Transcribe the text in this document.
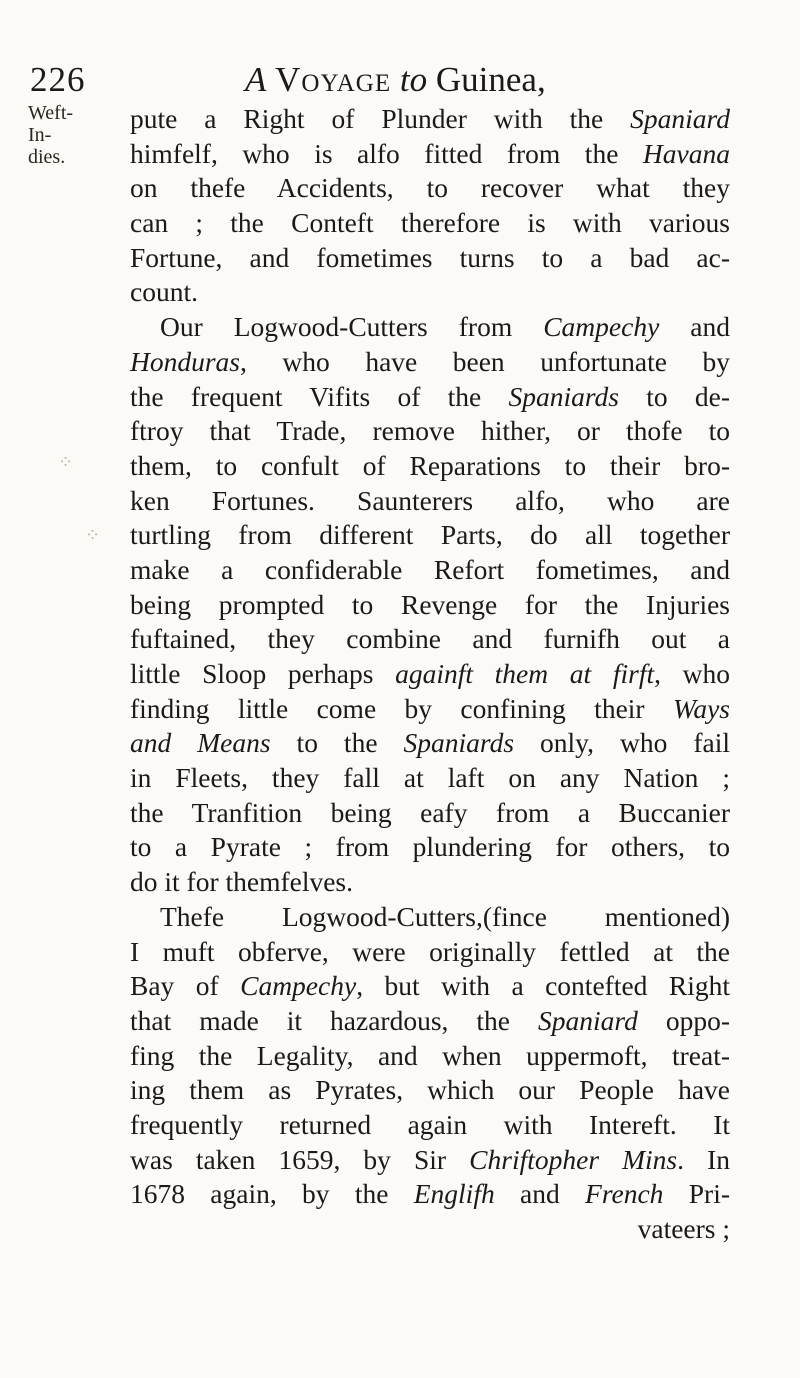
226	A Voyage to Guinea,
Weft-In-
dies.
pute a Right of Plunder with the Spaniard
himfelf, who is alfo fitted from the Havana
on thefe Accidents, to recover what they
can ; the Conteft therefore is with various
Fortune, and fometimes turns to a bad ac-
count.
Our Logwood-Cutters from Campechy and
Honduras, who have been unfortunate by
the frequent Vifits of the Spaniards to de-
ftroy that Trade, remove hither, or thofe to
them, to confult of Reparations to their bro-
ken Fortunes. Saunterers alfo, who are
turtling from different Parts, do all together
make a confiderable Refort fometimes, and
being prompted to Revenge for the Injuries
fuftained, they combine and furnifh out a
little Sloop perhaps againft them at firft, who
finding little come by confining their Ways
and Means to the Spaniards only, who fail
in Fleets, they fall at laft on any Nation ;
the Tranfition being eafy from a Buccanier
to a Pyrate ; from plundering for others, to
do it for themfelves.
Thefe Logwood-Cutters,(fince mentioned)
I muft obferve, were originally fettled at the
Bay of Campechy, but with a contefted Right
that made it hazardous, the Spaniard oppo-
fing the Legality, and when uppermoft, treat-
ing them as Pyrates, which our People have
frequently returned again with Intereft. It
was taken 1659, by Sir Chriftopher Mins. In
1678 again, by the Englifh and French Pri-
vateers ;
⁘
⁘
